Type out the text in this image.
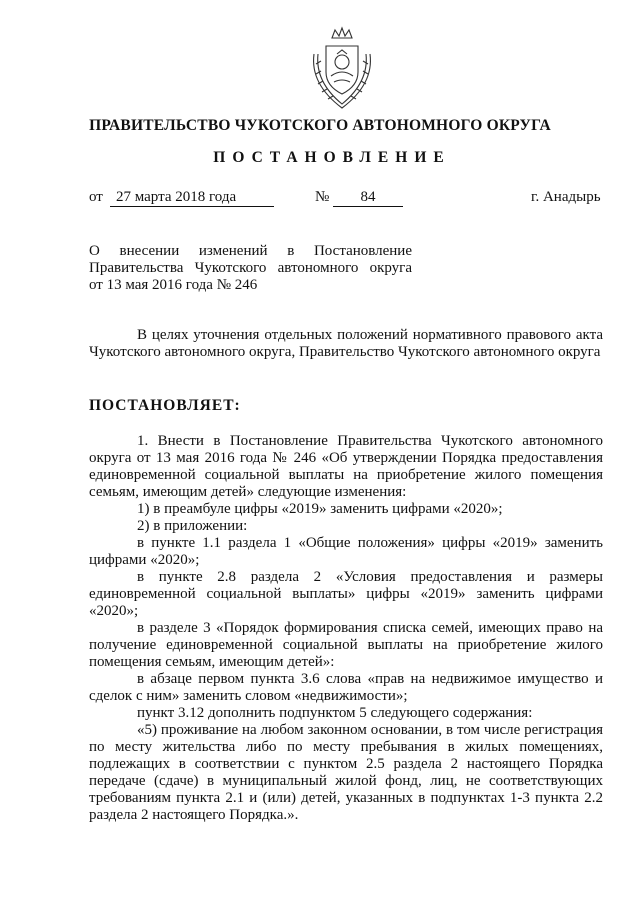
ПРАВИТЕЛЬСТВО ЧУКОТСКОГО АВТОНОМНОГО ОКРУГА
ПОСТАНОВЛЕНИЕ
от 27 марта 2018 года	№	84	г. Анадырь
О внесении изменений в Постановление
Правительства Чукотского автономного округа
от 13 мая 2016 года № 246

В целях уточнения отдельных положений нормативного правового акта Чукотского автономного округа, Правительство Чукотского автономного округа

ПОСТАНОВЛЯЕТ:

1. Внести в Постановление Правительства Чукотского автономного округа от 13 мая 2016 года № 246 «Об утверждении Порядка предоставления единовременной социальной выплаты на приобретение жилого помещения семьям, имеющим детей» следующие изменения:

1) в преамбуле цифры «2019» заменить цифрами «2020»;

2) в приложении:

в пункте 1.1 раздела 1 «Общие положения» цифры «2019» заменить цифрами «2020»;

в пункте 2.8 раздела 2 «Условия предоставления и размеры единовременной социальной выплаты» цифры «2019» заменить цифрами «2020»;

в разделе 3 «Порядок формирования списка семей, имеющих право на получение единовременной социальной выплаты на приобретение жилого помещения семьям, имеющим детей»:

в абзаце первом пункта 3.6 слова «прав на недвижимое имущество и сделок с ним» заменить словом «недвижимости»;

пункт 3.12 дополнить подпунктом 5 следующего содержания:

«5) проживание на любом законном основании, в том числе регистрация по месту жительства либо по месту пребывания в жилых помещениях, подлежащих в соответствии с пунктом 2.5 раздела 2 настоящего Порядка передаче (сдаче) в муниципальный жилой фонд, лиц, не соответствующих требованиям пункта 2.1 и (или) детей, указанных в подпунктах 1-3 пункта 2.2 раздела 2 настоящего Порядка.».
